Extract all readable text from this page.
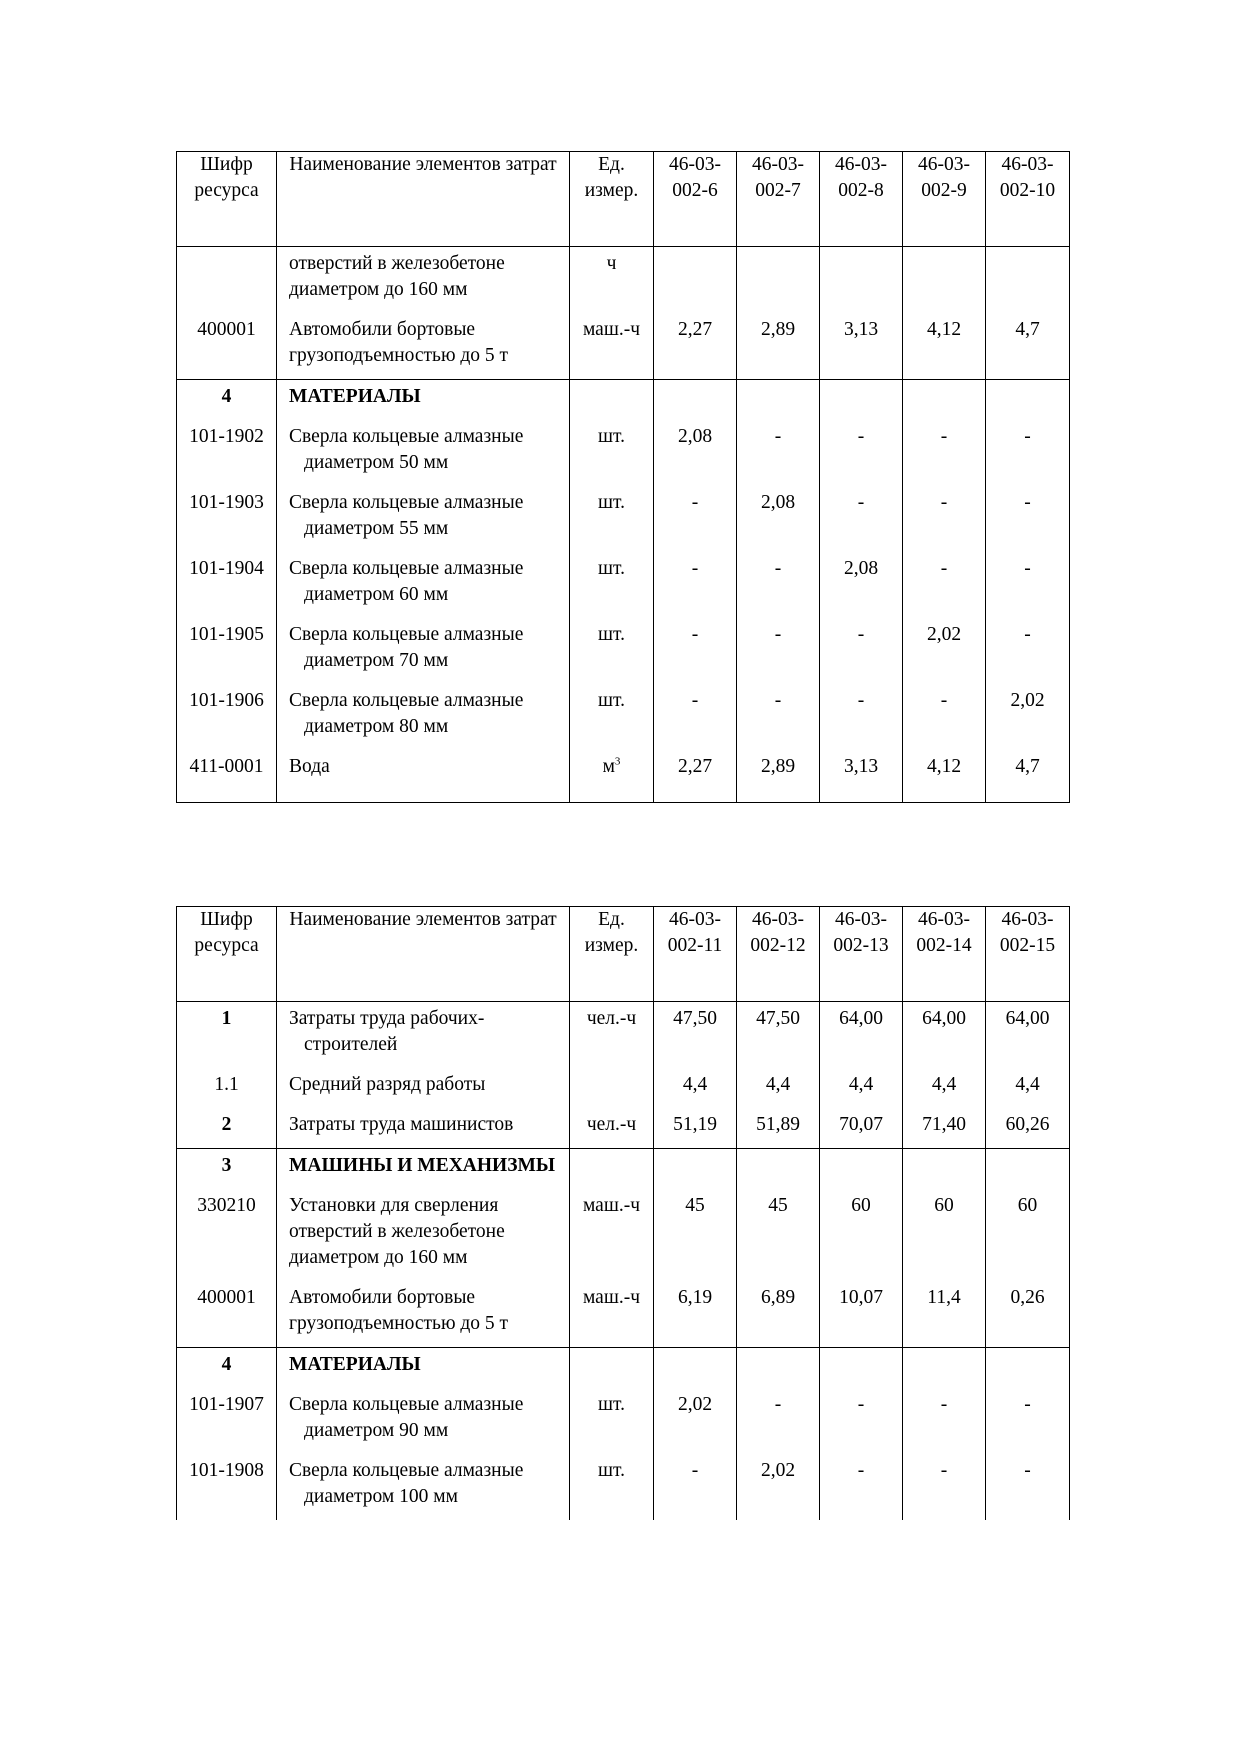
Шифр ресурса	Наименование элементов затрат	Ед. измер.	46-03-002-6	46-03-002-7	46-03-002-8	46-03-002-9	46-03-002-10
	отверстий в железобетоне диаметром до 160 мм	ч					
400001	Автомобили бортовые грузоподъемностью до 5 т	маш.-ч	2,27	2,89	3,13	4,12	4,7
4	МАТЕРИАЛЫ						
101-1902	Сверла кольцевые алмазные диаметром 50 мм	шт.	2,08	-	-	-	-
101-1903	Сверла кольцевые алмазные диаметром 55 мм	шт.	-	2,08	-	-	-
101-1904	Сверла кольцевые алмазные диаметром 60 мм	шт.	-	-	2,08	-	-
101-1905	Сверла кольцевые алмазные диаметром 70 мм	шт.	-	-	-	2,02	-
101-1906	Сверла кольцевые алмазные диаметром 80 мм	шт.	-	-	-	-	2,02
411-0001	Вода	$м^3$	2,27	2,89	3,13	4,12	4,7
Шифр ресурса	Наименование элементов затрат	Ед. измер.	46-03-002-11	46-03-002-12	46-03-002-13	46-03-002-14	46-03-002-15
1	Затраты труда рабочих-строителей	чел.-ч	47,50	47,50	64,00	64,00	64,00
1.1	Средний разряд работы		4,4	4,4	4,4	4,4	4,4
2	Затраты труда машинистов	чел.-ч	51,19	51,89	70,07	71,40	60,26
3	МАШИНЫ И МЕХАНИЗМЫ						

330210	Установки для сверления отверстий в железобетоне диаметром до 160 мм	маш.-ч	45	45	60	60	60
400001	Автомобили бортовые грузоподъемностью до 5 т	маш.-ч	6,19	6,89	10,07	11,4	0,26
4	МАТЕРИАЛЫ						
101-1907	Сверла кольцевые алмазные диаметром 90 мм	шт.	2,02	-	-	-	-
101-1908	Сверла кольцевые алмазные диаметром 100 мм	шт.	-	2,02	-	-	-
